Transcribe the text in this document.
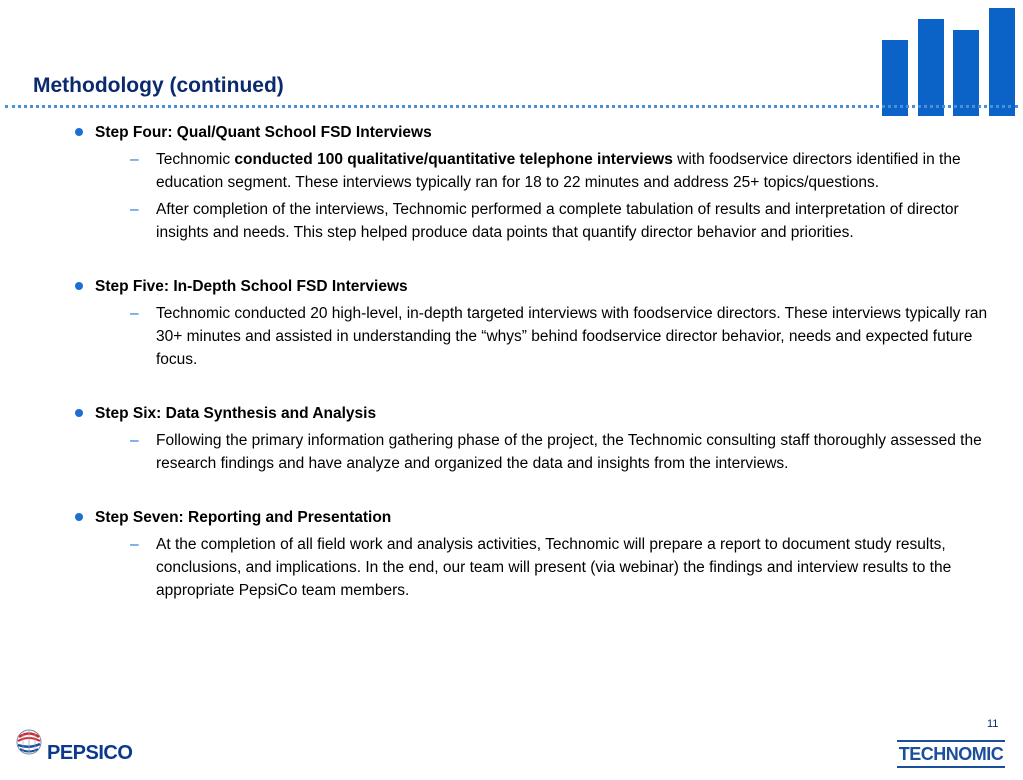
Methodology (continued)
Step Four: Qual/Quant School FSD Interviews
– Technomic conducted 100 qualitative/quantitative telephone interviews with foodservice directors identified in the education segment. These interviews typically ran for 18 to 22 minutes and address 25+ topics/questions.
– After completion of the interviews, Technomic performed a complete tabulation of results and interpretation of director insights and needs. This step helped produce data points that quantify director behavior and priorities.
Step Five: In-Depth School FSD Interviews
– Technomic conducted 20 high-level, in-depth targeted interviews with foodservice directors. These interviews typically ran 30+ minutes and assisted in understanding the “whys” behind foodservice director behavior, needs and expected future focus.
Step Six: Data Synthesis and Analysis
– Following the primary information gathering phase of the project, the Technomic consulting staff thoroughly assessed the research findings and have analyze and organized the data and insights from the interviews.
Step Seven: Reporting and Presentation
– At the completion of all field work and analysis activities, Technomic will prepare a report to document study results, conclusions, and implications. In the end, our team will present (via webinar) the findings and interview results to the appropriate PepsiCo team members.
11
PEPSICO	TECHNOMIC
